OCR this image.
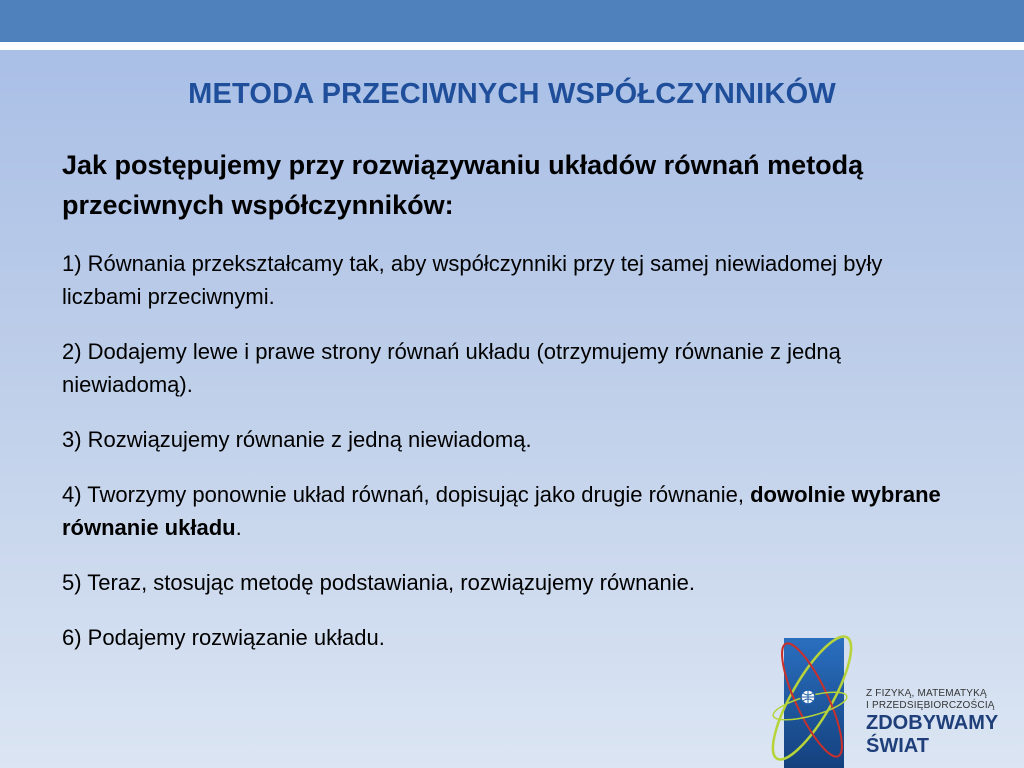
METODA PRZECIWNYCH WSPÓŁCZYNNIKÓW

Jak postępujemy przy rozwiązywaniu układów równań metodą przeciwnych współczynników:

1) Równania przekształcamy tak, aby współczynniki przy tej samej niewiadomej były liczbami przeciwnymi.

2) Dodajemy lewe i prawe strony równań układu (otrzymujemy równanie z jedną niewiadomą).

3) Rozwiązujemy równanie z jedną niewiadomą.

4) Tworzymy ponownie układ równań, dopisując jako drugie równanie, dowolnie wybrane równanie układu.

5) Teraz, stosując metodę podstawiania, rozwiązujemy równanie.

6) Podajemy rozwiązanie układu.

Z FIZYKĄ, MATEMATYKĄ
I PRZEDSIĘBIORCZOŚCIĄ
ZDOBYWAMY
ŚWIAT
